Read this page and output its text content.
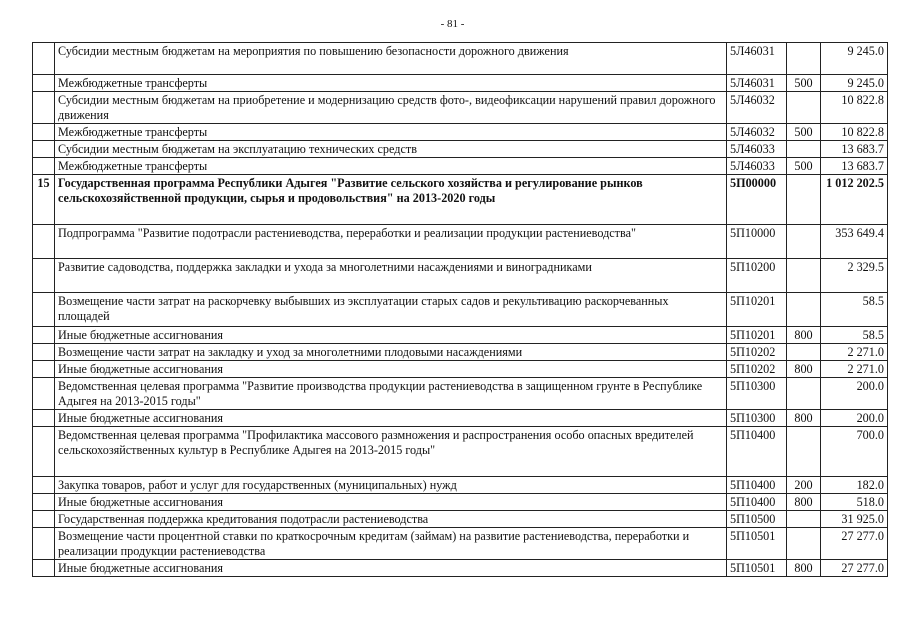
- 81 -
	Субсидии местным бюджетам на мероприятия по повышению безопасности дорожного движения	5Л46031		9 245.0
	Межбюджетные трансферты	5Л46031	500	9 245.0
	Субсидии местным бюджетам на приобретение и модернизацию средств фото-, видеофиксации нарушений правил дорожного движения	5Л46032		10 822.8
	Межбюджетные трансферты	5Л46032	500	10 822.8
	Субсидии местным бюджетам на эксплуатацию технических средств	5Л46033		13 683.7
	Межбюджетные трансферты	5Л46033	500	13 683.7
15	Государственная программа Республики Адыгея "Развитие сельского хозяйства и регулирование рынков сельскохозяйственной продукции, сырья и продовольствия" на 2013-2020 годы	5П00000		1 012 202.5
	Подпрограмма "Развитие подотрасли растениеводства, переработки и реализации продукции растениеводства"	5П10000		353 649.4
	Развитие садоводства, поддержка закладки и ухода за многолетними насаждениями и виноградниками	5П10200		2 329.5
	Возмещение части затрат на раскорчевку выбывших из эксплуатации старых садов и рекультивацию раскорчеванных площадей	5П10201		58.5
	Иные бюджетные ассигнования	5П10201	800	58.5
	Возмещение части затрат на закладку и уход за многолетними плодовыми насаждениями	5П10202		2 271.0
	Иные бюджетные ассигнования	5П10202	800	2 271.0
	Ведомственная целевая программа "Развитие производства продукции растениеводства в защищенном грунте в Республике Адыгея на 2013-2015 годы"	5П10300		200.0
	Иные бюджетные ассигнования	5П10300	800	200.0
	Ведомственная целевая программа "Профилактика массового размножения и распространения особо опасных вредителей сельскохозяйственных культур в Республике Адыгея на 2013-2015 годы"	5П10400		700.0
	Закупка товаров, работ и услуг для государственных (муниципальных) нужд	5П10400	200	182.0
	Иные бюджетные ассигнования	5П10400	800	518.0
	Государственная поддержка кредитования подотрасли растениеводства	5П10500		31 925.0
	Возмещение части процентной ставки по краткосрочным кредитам (займам) на развитие растениеводства, переработки и реализации продукции растениеводства	5П10501		27 277.0
	Иные бюджетные ассигнования	5П10501	800	27 277.0
